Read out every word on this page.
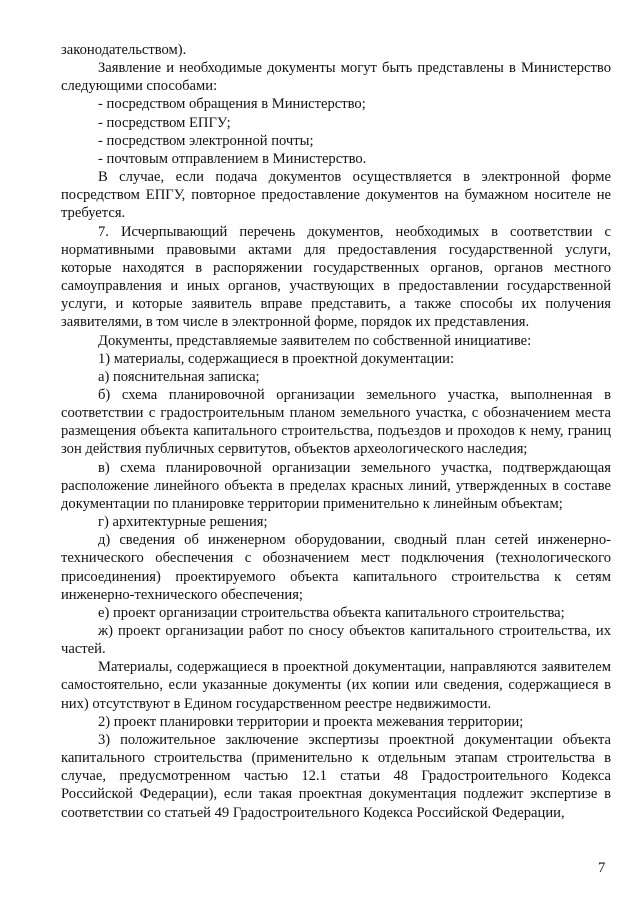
законодательством).

Заявление и необходимые документы могут быть представлены в Министерство следующими способами:

- посредством обращения в Министерство;

- посредством ЕПГУ;

- посредством электронной почты;

- почтовым отправлением в Министерство.

В случае, если подача документов осуществляется в электронной форме посредством ЕПГУ, повторное предоставление документов на бумажном носителе не требуется.

7. Исчерпывающий перечень документов, необходимых в соответствии с нормативными правовыми актами для предоставления государственной услуги, которые находятся в распоряжении государственных органов, органов местного самоуправления и иных органов, участвующих в предоставлении государственной услуги, и которые заявитель вправе представить, а также способы их получения заявителями, в том числе в электронной форме, порядок их представления.

Документы, представляемые заявителем по собственной инициативе:

1) материалы, содержащиеся в проектной документации:

а) пояснительная записка;

б) схема планировочной организации земельного участка, выполненная в соответствии с градостроительным планом земельного участка, с обозначением места размещения объекта капитального строительства, подъездов и проходов к нему, границ зон действия публичных сервитутов, объектов археологического наследия;

в) схема планировочной организации земельного участка, подтверждающая расположение линейного объекта в пределах красных линий, утвержденных в составе документации по планировке территории применительно к линейным объектам;

г) архитектурные решения;

д) сведения об инженерном оборудовании, сводный план сетей инженерно-технического обеспечения с обозначением мест подключения (технологического присоединения) проектируемого объекта капитального строительства к сетям инженерно-технического обеспечения;

е) проект организации строительства объекта капитального строительства;

ж) проект организации работ по сносу объектов капитального строительства, их частей.

Материалы, содержащиеся в проектной документации, направляются заявителем самостоятельно, если указанные документы (их копии или сведения, содержащиеся в них) отсутствуют в Едином государственном реестре недвижимости.

2) проект планировки территории и проекта межевания территории;

3) положительное заключение экспертизы проектной документации объекта капитального строительства (применительно к отдельным этапам строительства в случае, предусмотренном частью 12.1 статьи 48 Градостроительного Кодекса Российской Федерации), если такая проектная документация подлежит экспертизе в соответствии со статьей 49 Градостроительного Кодекса Российской Федерации,

7
